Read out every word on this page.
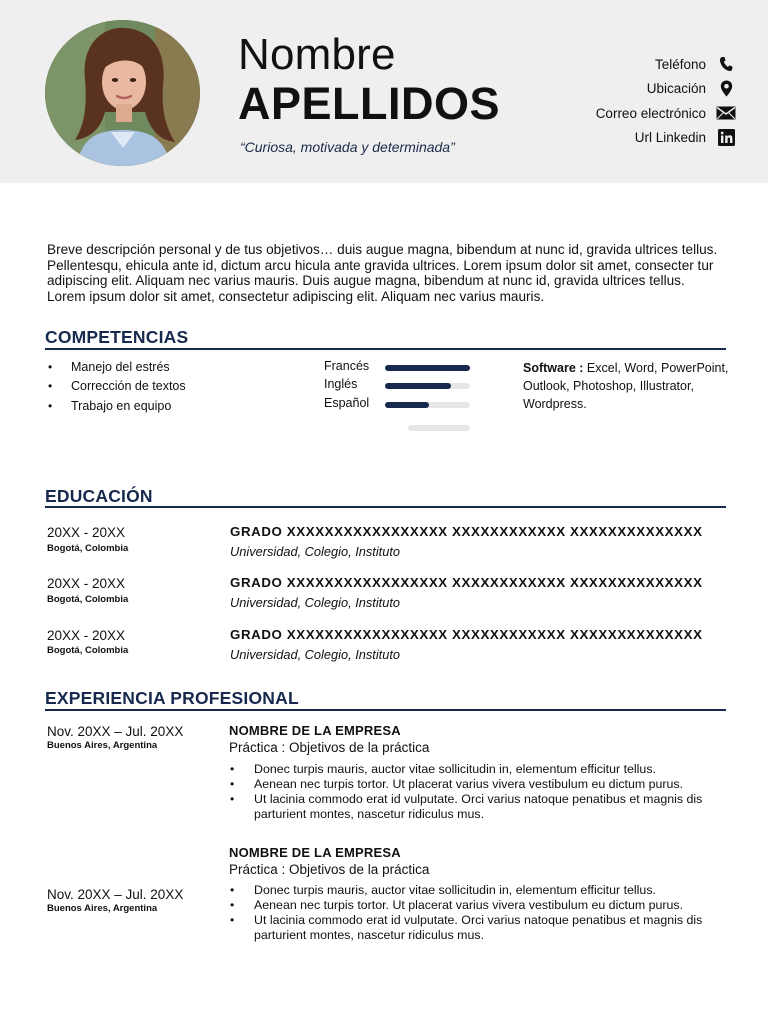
Nombre
APELLIDOS
“Curiosa, motivada y determinada”
Teléfono
Ubicación
Correo electrónico
Url Linkedin

Breve descripción personal y de tus objetivos… duis augue magna, bibendum at nunc id, gravida ultrices tellus. Pellentesqu, ehicula ante id, dictum arcu hicula ante gravida ultrices. Lorem ipsum dolor sit amet, consecter tur adipiscing elit. Aliquam nec varius mauris. Duis augue magna, bibendum at nunc id, gravida ultrices tellus. Lorem ipsum dolor sit amet, consectetur adipiscing elit. Aliquam nec varius mauris.

COMPETENCIAS
• Manejo del estrés
• Corrección de textos
• Trabajo en equipo
Francés
Inglés
Español
Software : Excel, Word, PowerPoint, Outlook, Photoshop, Illustrator, Wordpress.
EDUCACIÓN
20XX - 20XX
Bogotá, Colombia
GRADO XXXXXXXXXXXXXXXXX XXXXXXXXXXXX XXXXXXXXXXXXXX
Universidad, Colegio, Instituto
20XX - 20XX
Bogotá, Colombia
GRADO XXXXXXXXXXXXXXXXX XXXXXXXXXXXX XXXXXXXXXXXXXX
Universidad, Colegio, Instituto
20XX - 20XX
Bogotá, Colombia
GRADO XXXXXXXXXXXXXXXXX XXXXXXXXXXXX XXXXXXXXXXXXXX
Universidad, Colegio, Instituto
EXPERIENCIA PROFESIONAL
Nov. 20XX – Jul. 20XX
Buenos Aires, Argentina
NOMBRE DE LA EMPRESA
Práctica : Objetivos de la práctica
• Donec turpis mauris, auctor vitae sollicitudin in, elementum efficitur tellus.
• Aenean nec turpis tortor. Ut placerat varius vivera vestibulum eu dictum purus.
• Ut lacinia commodo erat id vulputate. Orci varius natoque penatibus et magnis dis parturient montes, nascetur ridiculus mus.
Nov. 20XX – Jul. 20XX
Buenos Aires, Argentina
NOMBRE DE LA EMPRESA
Práctica : Objetivos de la práctica
• Donec turpis mauris, auctor vitae sollicitudin in, elementum efficitur tellus.
• Aenean nec turpis tortor. Ut placerat varius vivera vestibulum eu dictum purus.
• Ut lacinia commodo erat id vulputate. Orci varius natoque penatibus et magnis dis parturient montes, nascetur ridiculus mus.
